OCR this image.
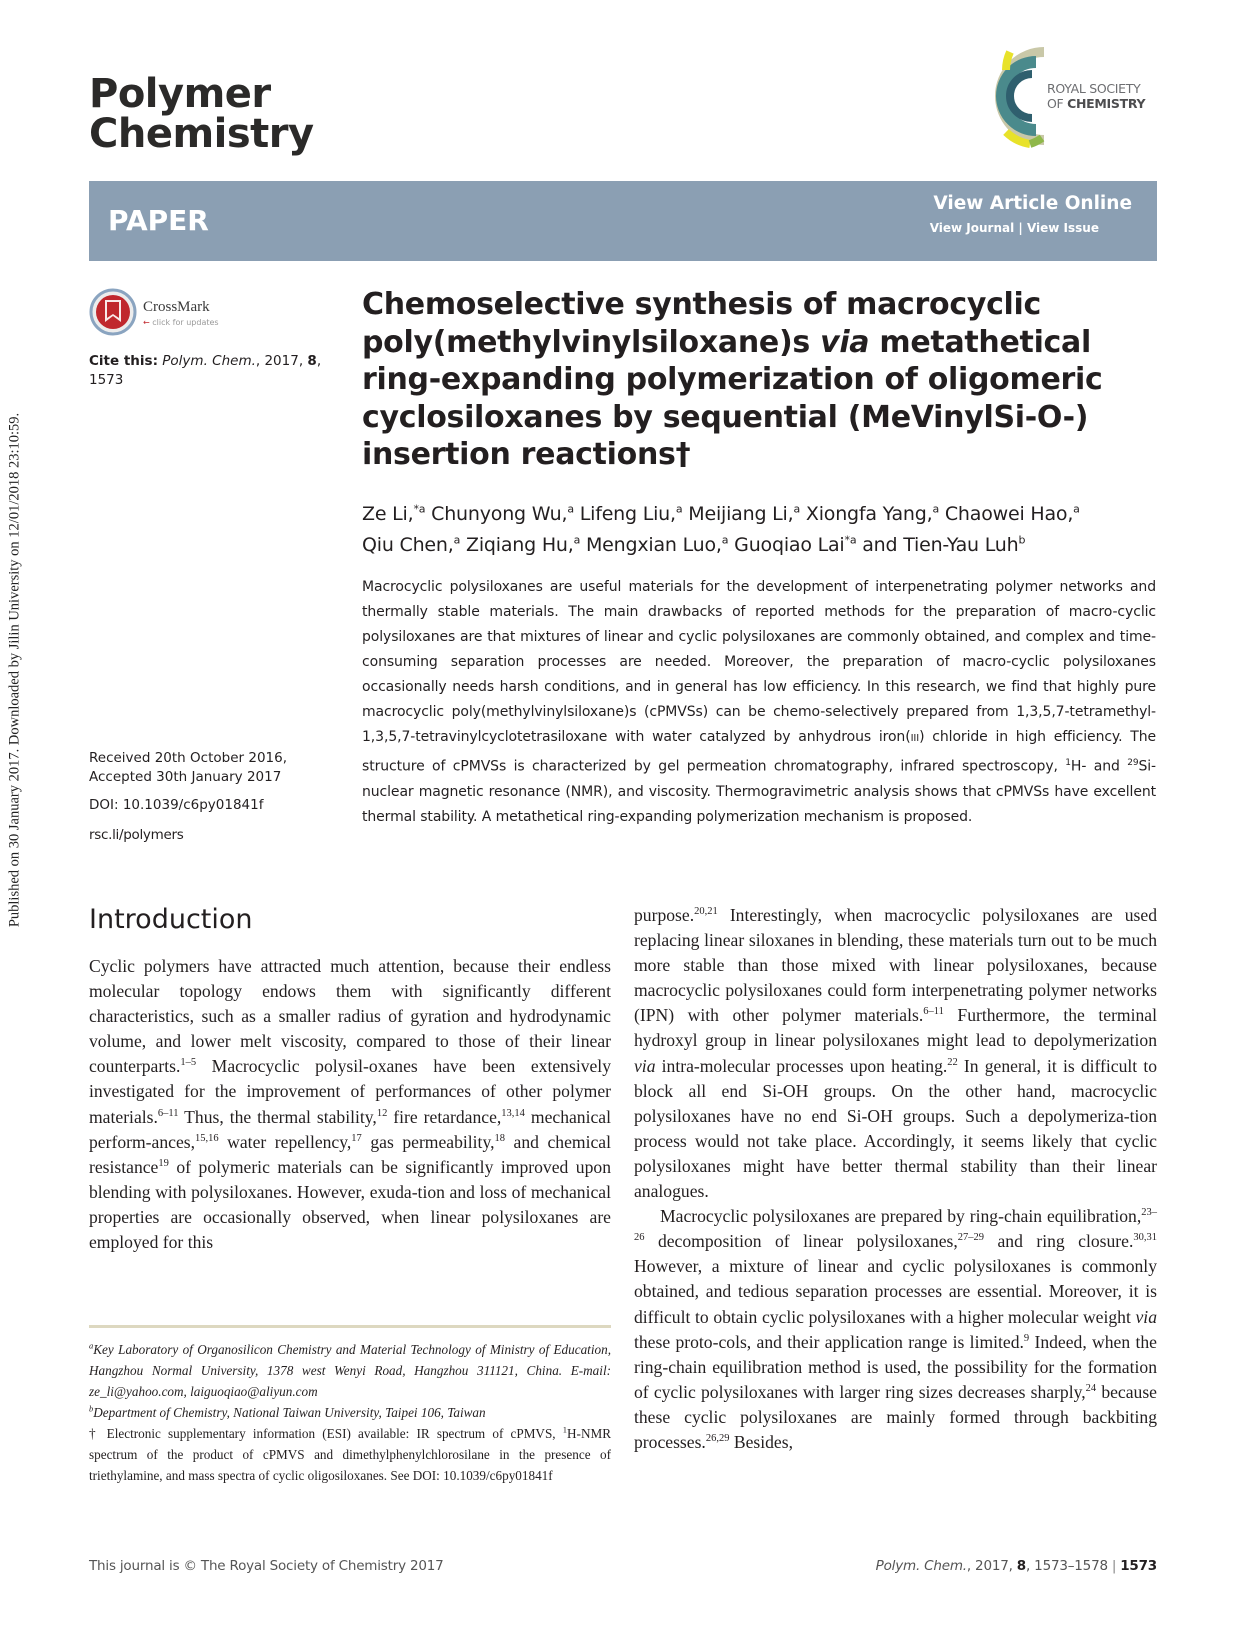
Published on 30 January 2017. Downloaded by Jilin University on 12/01/2018 23:10:59.
Polymer
Chemistry
ROYAL SOCIETY
OF CHEMISTRY
PAPER
View Article Online
View Journal | View Issue
CrossMark
← click for updates
Cite this: Polym. Chem., 2017, 8, 1573
Received 20th October 2016,
Accepted 30th January 2017
DOI: 10.1039/c6py01841f
rsc.li/polymers
Chemoselective synthesis of macrocyclic
poly(methylvinylsiloxane)s via metathetical
ring-expanding polymerization of oligomeric
cyclosiloxanes by sequential (MeVinylSi-O-)
insertion reactions†
Ze Li,$^{*a}$ Chunyong Wu,$^a$ Lifeng Liu,$^a$ Meijiang Li,$^a$ Xiongfa Yang,$^a$ Chaowei Hao,$^a$
Qiu Chen,$^a$ Ziqiang Hu,$^a$ Mengxian Luo,$^a$ Guoqiao Lai$^{*a}$ and Tien-Yau Luh$^b$
Macrocyclic polysiloxanes are useful materials for the development of interpenetrating polymer networks and thermally stable materials. The main drawbacks of reported methods for the preparation of macro-cyclic polysiloxanes are that mixtures of linear and cyclic polysiloxanes are commonly obtained, and complex and time-consuming separation processes are needed. Moreover, the preparation of macro-cyclic polysiloxanes occasionally needs harsh conditions, and in general has low efficiency. In this research, we find that highly pure macrocyclic poly(methylvinylsiloxane)s (cPMVSs) can be chemo-selectively prepared from 1,3,5,7-tetramethyl-1,3,5,7-tetravinylcyclotetrasiloxane with water catalyzed by anhydrous iron(III) chloride in high efficiency. The structure of cPMVSs is characterized by gel permeation chromatography, infrared spectroscopy, $^1$H- and $^{29}$Si-nuclear magnetic resonance (NMR), and viscosity. Thermogravimetric analysis shows that cPMVSs have excellent thermal stability. A metathetical ring-expanding polymerization mechanism is proposed.
Introduction

Cyclic polymers have attracted much attention, because their endless molecular topology endows them with significantly different characteristics, such as a smaller radius of gyration and hydrodynamic volume, and lower melt viscosity, compared to those of their linear counterparts.$^{1-5}$ Macrocyclic polysil-oxanes have been extensively investigated for the improvement of performances of other polymer materials.$^{6-11}$ Thus, the thermal stability,$^{12}$ fire retardance,$^{13,14}$ mechanical perform-ances,$^{15,16}$ water repellency,$^{17}$ gas permeability,$^{18}$ and chemical resistance$^{19}$ of polymeric materials can be significantly improved upon blending with polysiloxanes. However, exuda-tion and loss of mechanical properties are occasionally observed, when linear polysiloxanes are employed for this

purpose.$^{20,21}$ Interestingly, when macrocyclic polysiloxanes are used replacing linear siloxanes in blending, these materials turn out to be much more stable than those mixed with linear polysiloxanes, because macrocyclic polysiloxanes could form interpenetrating polymer networks (IPN) with other polymer materials.$^{6-11}$ Furthermore, the terminal hydroxyl group in linear polysiloxanes might lead to depolymerization via intra-molecular processes upon heating.$^{22}$ In general, it is difficult to block all end Si-OH groups. On the other hand, macrocyclic polysiloxanes have no end Si-OH groups. Such a depolymeriza-tion process would not take place. Accordingly, it seems likely that cyclic polysiloxanes might have better thermal stability than their linear analogues.

Macrocyclic polysiloxanes are prepared by ring-chain equilibration,$^{23-26}$ decomposition of linear polysiloxanes,$^{27-29}$ and ring closure.$^{30,31}$ However, a mixture of linear and cyclic polysiloxanes is commonly obtained, and tedious separation processes are essential. Moreover, it is difficult to obtain cyclic polysiloxanes with a higher molecular weight via these proto-cols, and their application range is limited.$^9$ Indeed, when the ring-chain equilibration method is used, the possibility for the formation of cyclic polysiloxanes with larger ring sizes decreases sharply,$^{24}$ because these cyclic polysiloxanes are mainly formed through backbiting processes.$^{26,29}$ Besides,

$^a$Key Laboratory of Organosilicon Chemistry and Material Technology of Ministry of Education, Hangzhou Normal University, 1378 west Wenyi Road, Hangzhou 311121, China. E-mail: ze_li@yahoo.com, laiguoqiao@aliyun.com

$^b$Department of Chemistry, National Taiwan University, Taipei 106, Taiwan

† Electronic supplementary information (ESI) available: IR spectrum of cPMVS, $^1$H-NMR spectrum of the product of cPMVS and dimethylphenylchlorosilane in the presence of triethylamine, and mass spectra of cyclic oligosiloxanes. See DOI: 10.1039/c6py01841f

This journal is © The Royal Society of Chemistry 2017	Polym. Chem., 2017, 8, 1573–1578 | 1573
